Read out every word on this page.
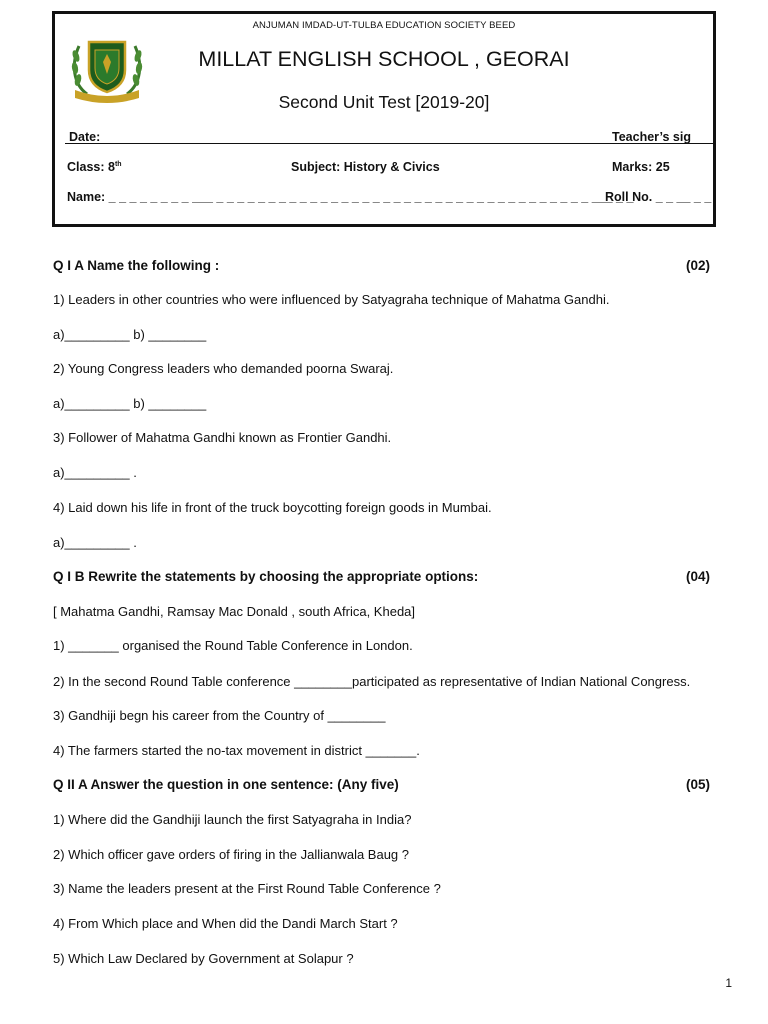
ANJUMAN IMDAD-UT-TULBA EDUCATION SOCIETY BEED
MILLAT ENGLISH SCHOOL , GEORAI
Second Unit Test [2019-20]
Date:	Teacher’s sig
Class: 8th	Subject: History & Civics	Marks: 25
Name: _ _ _ _ _ _ _ _ ___ _ _ _ _ _ _ _ _ _ _ _ _ _ _ _ _ _ _ _ _ _ _ _ _ _ _ _ _ _ _ _ _ _ _ _ _ ___ _ _
Roll No. _ _ __ _ _
Q I A Name the following :	(02)
1) Leaders in other countries who were influenced by Satyagraha technique of Mahatma Gandhi.
a)_________ b) ________
2) Young Congress leaders who demanded poorna Swaraj.
a)_________ b) ________
3) Follower of Mahatma Gandhi known as Frontier Gandhi.
a)_________ .
4) Laid down his life in front of the truck boycotting foreign goods in Mumbai.
a)_________ .
Q I B Rewrite the statements by choosing the appropriate options:	(04)
[ Mahatma Gandhi, Ramsay Mac Donald , south Africa, Kheda]
1) _______ organised the Round Table Conference in London.
2) In the second Round Table conference ________participated as representative of Indian National Congress.
3) Gandhiji begn his career from the Country of ________
4) The farmers started the no-tax movement in district _______.
Q II A Answer the question in one sentence: (Any five)	(05)
1) Where did the Gandhiji launch the first Satyagraha in India?
2) Which officer gave orders of firing in the Jallianwala Baug ?
3) Name the leaders present at the First Round Table Conference ?
4) From Which place and When did the Dandi March Start ?
5) Which Law Declared by Government at Solapur ?
1
